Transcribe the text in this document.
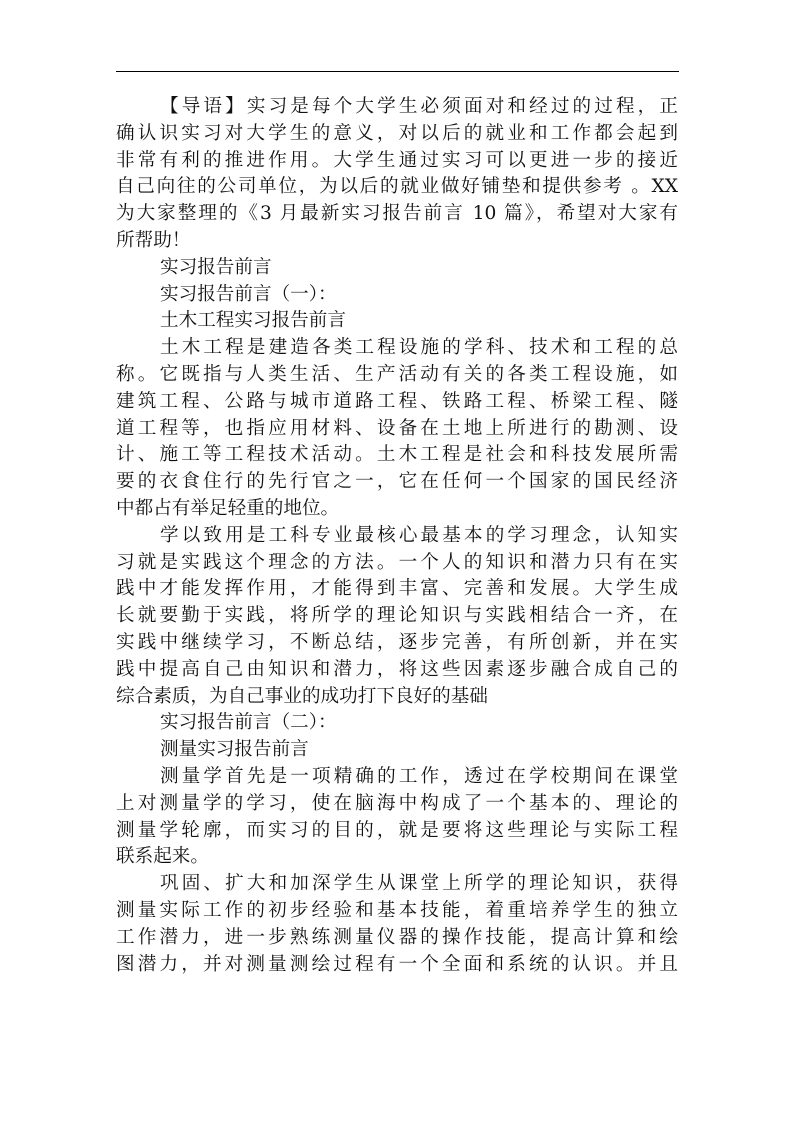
【导语】实习是每个大学生必须面对和经过的过程，正
确认识实习对大学生的意义，对以后的就业和工作都会起到
非常有利的推进作用。大学生通过实习可以更进一步的接近
自己向往的公司单位，为以后的就业做好铺垫和提供参考 。XX
为大家整理的《3 月最新实习报告前言 10 篇》，希望对大家有
所帮助！
实习报告前言
实习报告前言（一）：
土木工程实习报告前言
土木工程是建造各类工程设施的学科、技术和工程的总
称。它既指与人类生活、生产活动有关的各类工程设施，如
建筑工程、公路与城市道路工程、铁路工程、桥梁工程、隧
道工程等，也指应用材料、设备在土地上所进行的勘测、设
计、施工等工程技术活动。土木工程是社会和科技发展所需
要的衣食住行的先行官之一，它在任何一个国家的国民经济
中都占有举足轻重的地位。
学以致用是工科专业最核心最基本的学习理念，认知实
习就是实践这个理念的方法。一个人的知识和潜力只有在实
践中才能发挥作用，才能得到丰富、完善和发展。大学生成
长就要勤于实践，将所学的理论知识与实践相结合一齐，在
实践中继续学习，不断总结，逐步完善，有所创新，并在实
践中提高自己由知识和潜力，将这些因素逐步融合成自己的
综合素质，为自己事业的成功打下良好的基础
实习报告前言（二）：
测量实习报告前言
测量学首先是一项精确的工作，透过在学校期间在课堂
上对测量学的学习，使在脑海中构成了一个基本的、理论的
测量学轮廓，而实习的目的，就是要将这些理论与实际工程
联系起来。
巩固、扩大和加深学生从课堂上所学的理论知识，获得
测量实际工作的初步经验和基本技能，着重培养学生的独立
工作潜力，进一步熟练测量仪器的操作技能，提高计算和绘
图潜力，并对测量测绘过程有一个全面和系统的认识。并且
